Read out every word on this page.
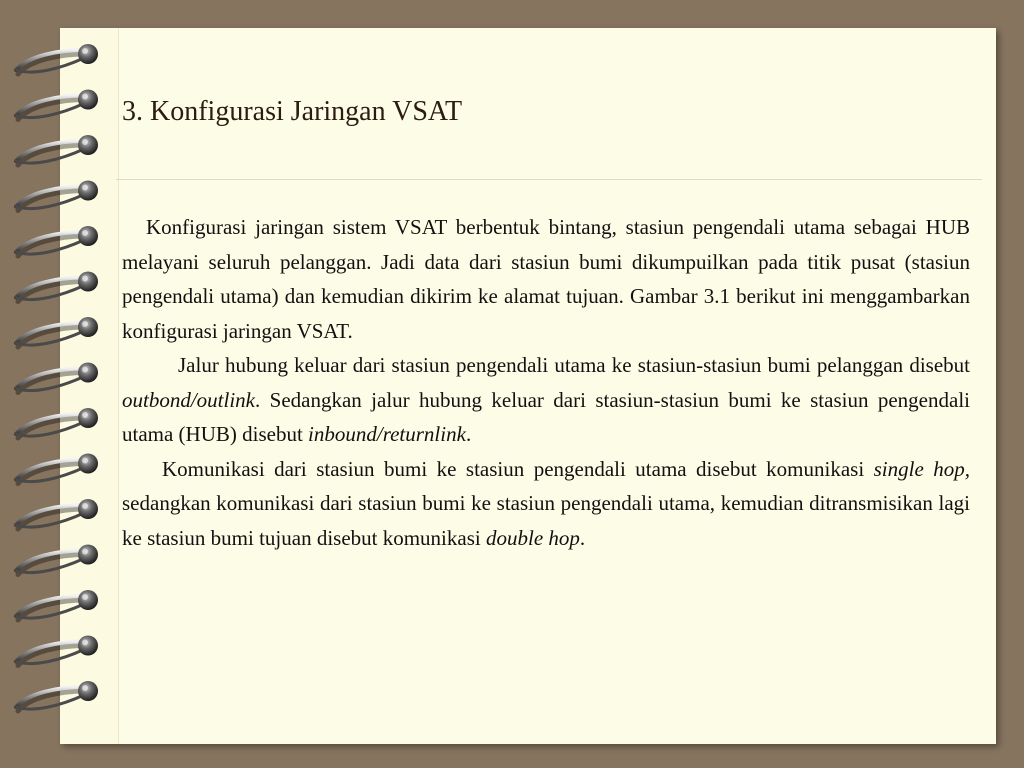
3. Konfigurasi Jaringan VSAT

Konfigurasi jaringan sistem VSAT berbentuk bintang, stasiun pengendali utama sebagai HUB melayani seluruh pelanggan. Jadi data dari stasiun bumi dikumpuilkan pada titik pusat (stasiun pengendali utama) dan kemudian dikirim ke alamat tujuan. Gambar 3.1 berikut ini menggambarkan konfigurasi jaringan VSAT.

Jalur hubung keluar dari stasiun pengendali utama ke stasiun-stasiun bumi pelanggan disebut outbond/outlink. Sedangkan jalur hubung keluar dari stasiun-stasiun bumi ke stasiun pengendali utama (HUB) disebut inbound/returnlink.

Komunikasi dari stasiun bumi ke stasiun pengendali utama disebut komunikasi single hop, sedangkan komunikasi dari stasiun bumi ke stasiun pengendali utama, kemudian ditransmisikan lagi ke stasiun bumi tujuan disebut komunikasi double hop.
